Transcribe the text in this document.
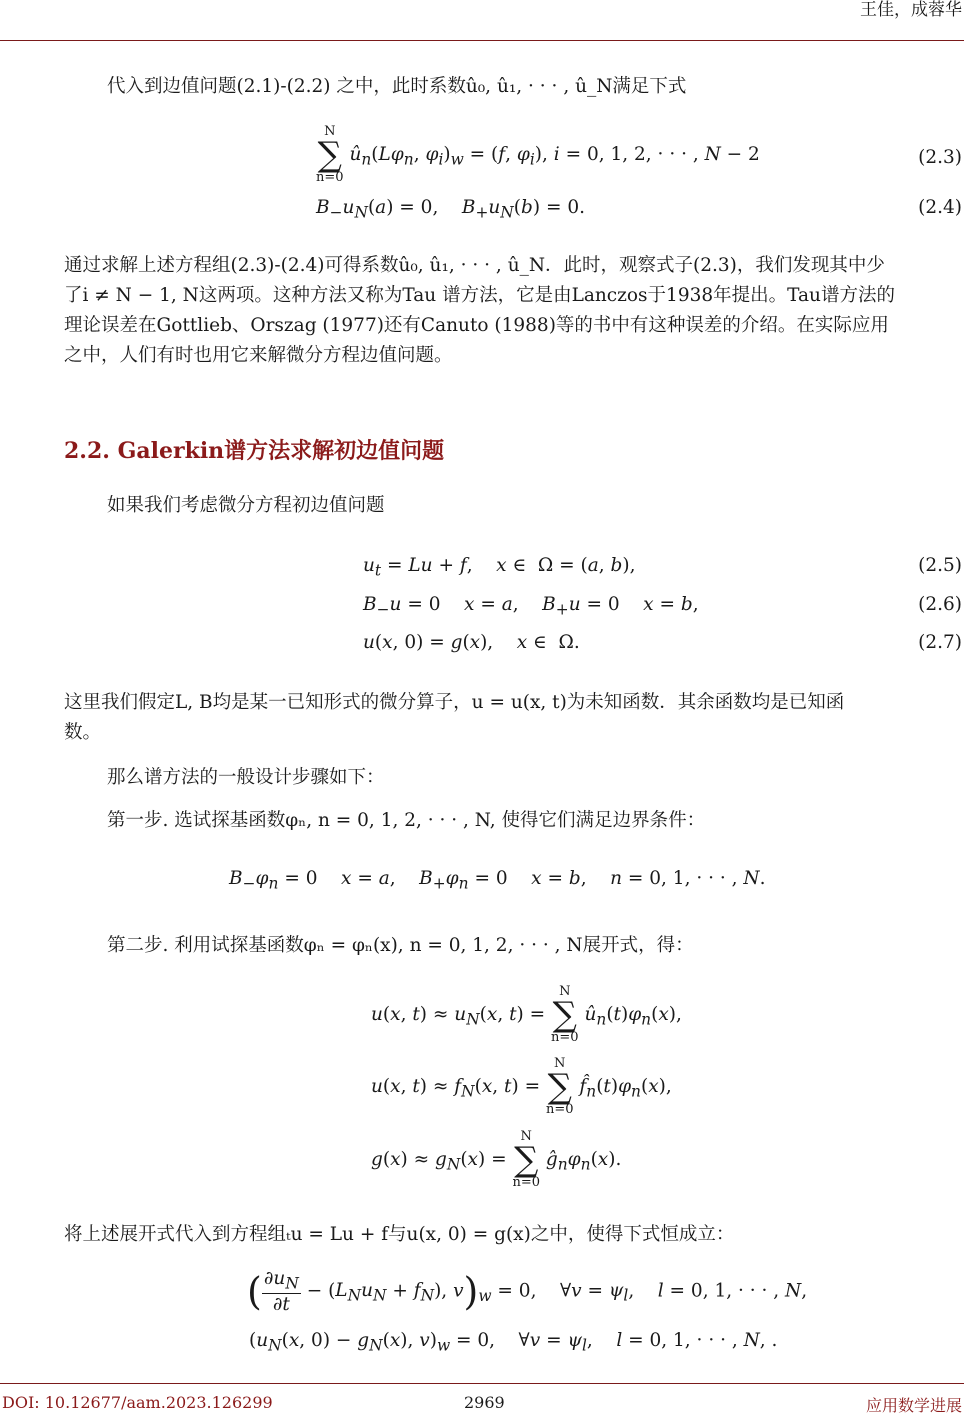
王佳，成蓉华
代入到边值问题(2.1)-(2.2) 之中，此时系数û₀, û₁, · · · , û_N满足下式
N
∑
n=0 $û_n(L\varphi_n$, $\varphi_i)_w = (f$, $\varphi_i$), i = 0, 1, 2, · · · , N − 2	(2.3)
$B_-u_N(a) = 0$,    $B_+u_N(b) = 0$.	(2.4)
通过求解上述方程组(2.3)-(2.4)可得系数û₀, û₁, · · · , û_N．此时，观察式子(2.3)，我们发现其中少
了i ≠ N − 1, N这两项。这种方法又称为Tau 谱方法，它是由Lanczos于1938年提出。Tau谱方法的
理论误差在Gottlieb、Orszag (1977)还有Canuto (1988)等的书中有这种误差的介绍。在实际应用
之中，人们有时也用它来解微分方程边值问题。
2.2. Galerkin谱方法求解初边值问题
如果我们考虑微分方程初边值问题
$u_t = Lu + f$,    x ∈  Ω = (a, b),	(2.5)
$B_-u = 0$    x = a,    $B_+u = 0$    x = b,	(2.6)
u(x, 0) = g(x),    x ∈  Ω.	(2.7)
这里我们假定L, B均是某一已知形式的微分算子，u = u(x, t)为未知函数．其余函数均是已知函
数。
那么谱方法的一般设计步骤如下：
第一步. 选试探基函数φₙ, n = 0, 1, 2, · · · , N, 使得它们满足边界条件：
$B_-\varphi_n = 0$    x = a,    $B_+\varphi_n = 0$    x = b,    n = 0, 1, · · · , N.
第二步. 利用试探基函数φₙ = φₙ(x), n = 0, 1, 2, · · · , N展开式，得：
u(x, $t) \approx u_N(x$, t) = N
∑
n=0 $û_n(t)\varphi_n(x)$,
u(x, $t) \approx f_N(x$, t) = N
∑
n=0 $f̂_n(t)\varphi_n(x)$,
$g(x) \approx g_N(x) = N$
∑
n=0 $ĝ_n\varphi_n(x)$.
将上述展开式代入到方程组ₜu = Lu + f与u(x, 0) = g(x)之中，使得下式恒成立：
( $\frac{\partial u_N}{\partial t} - (L_Nu_N + f_N)$, $v)_w = 0$,    ∀v = $\psi_l$,    l = 0, 1, · · · , N,
($u_N(x$, $0) - g_N(x)$, $v)_w = 0$,    ∀v = $\psi_l$,    l = 0, 1, · · · , N, .
DOI: 10.12677/aam.2023.126299	2969	应用数学进展
